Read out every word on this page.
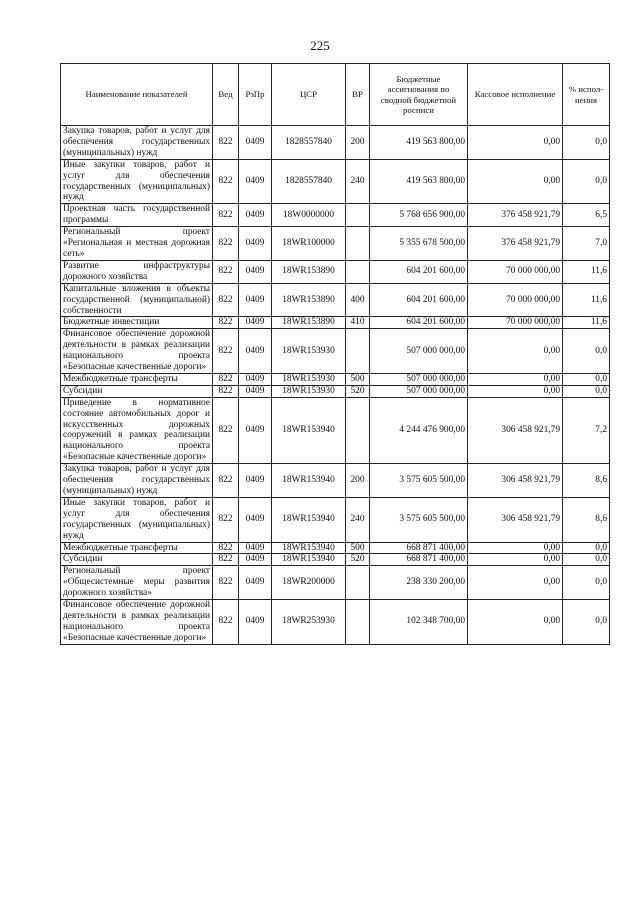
225
Наименование показателей	Вед	РзПр	ЦСР	ВР	Бюджетные ассигнования по сводной бюджетной росписи	Кассовое исполнение	% испол-нения
Закупка товаров, работ и услуг для обеспечения государственных (муниципальных) нужд	822	0409	1828557840	200	419 563 800,00	0,00	0,0
Иные закупки товаров, работ и услуг для обеспечения государственных (муниципальных) нужд	822	0409	1828557840	240	419 563 800,00	0,00	0,0
Проектная часть государственной программы	822	0409	18W0000000		5 768 656 900,00	376 458 921,79	6,5
Региональный проект «Региональная и местная дорожная сеть»	822	0409	18WR100000		5 355 678 500,00	376 458 921,79	7,0
Развитие инфраструктуры дорожного хозяйства	822	0409	18WR153890		604 201 600,00	70 000 000,00	11,6
Капитальные вложения в объекты государственной (муниципальной) собственности	822	0409	18WR153890	400	604 201 600,00	70 000 000,00	11,6
Бюджетные инвестиции	822	0409	18WR153890	410	604 201 600,00	70 000 000,00	11,6
Финансовое обеспечение дорожной деятельности в рамках реализации национального проекта «Безопасные качественные дороги»	822	0409	18WR153930		507 000 000,00	0,00	0,0
Межбюджетные трансферты	822	0409	18WR153930	500	507 000 000,00	0,00	0,0
Субсидии	822	0409	18WR153930	520	507 000 000,00	0,00	0,0
Приведение в нормативное состояние автомобильных дорог и искусственных дорожных сооружений в рамках реализации национального проекта «Безопасные качественные дороги»	822	0409	18WR153940		4 244 476 900,00	306 458 921,79	7,2
Закупка товаров, работ и услуг для обеспечения государственных (муниципальных) нужд	822	0409	18WR153940	200	3 575 605 500,00	306 458 921,79	8,6
Иные закупки товаров, работ и услуг для обеспечения государственных (муниципальных) нужд	822	0409	18WR153940	240	3 575 605 500,00	306 458 921,79	8,6
Межбюджетные трансферты	822	0409	18WR153940	500	668 871 400,00	0,00	0,0
Субсидии	822	0409	18WR153940	520	668 871 400,00	0,00	0,0
Региональный проект «Общесистемные меры развития дорожного хозяйства»	822	0409	18WR200000		238 330 200,00	0,00	0,0
Финансовое обеспечение дорожной деятельности в рамках реализации национального проекта «Безопасные качественные дороги»	822	0409	18WR253930		102 348 700,00	0,00	0,0
